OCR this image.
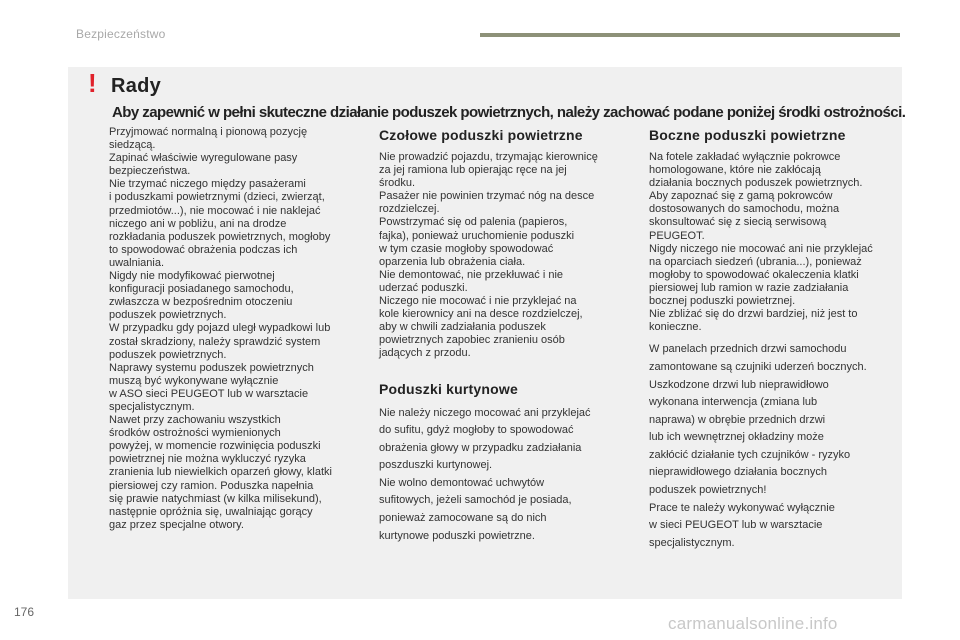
Bezpieczeństwo
! Rady
Aby zapewnić w pełni skuteczne działanie poduszek powietrznych, należy zachować podane poniżej środki ostrożności.

Przyjmować normalną i pionową pozycję
siedzącą.
Zapinać właściwie wyregulowane pasy
bezpieczeństwa.
Nie trzymać niczego między pasażerami
i poduszkami powietrznymi (dzieci, zwierząt,
przedmiotów...), nie mocować i nie naklejać
niczego ani w pobliżu, ani na drodze
rozkładania poduszek powietrznych, mogłoby
to spowodować obrażenia podczas ich
uwalniania.
Nigdy nie modyfikować pierwotnej
konfiguracji posiadanego samochodu,
zwłaszcza w bezpośrednim otoczeniu
poduszek powietrznych.
W przypadku gdy pojazd uległ wypadkowi lub
został skradziony, należy sprawdzić system
poduszek powietrznych.
Naprawy systemu poduszek powietrznych
muszą być wykonywane wyłącznie
w ASO sieci PEUGEOT lub w warsztacie
specjalistycznym.
Nawet przy zachowaniu wszystkich
środków ostrożności wymienionych
powyżej, w momencie rozwinięcia poduszki
powietrznej nie można wykluczyć ryzyka
zranienia lub niewielkich oparzeń głowy, klatki
piersiowej czy ramion. Poduszka napełnia
się prawie natychmiast (w kilka milisekund),
następnie opróżnia się, uwalniając gorący
gaz przez specjalne otwory.

Czołowe poduszki powietrzne

Nie prowadzić pojazdu, trzymając kierownicę
za jej ramiona lub opierając ręce na jej
środku.
Pasażer nie powinien trzymać nóg na desce
rozdzielczej.
Powstrzymać się od palenia (papieros,
fajka), ponieważ uruchomienie poduszki
w tym czasie mogłoby spowodować
oparzenia lub obrażenia ciała.
Nie demontować, nie przekłuwać i nie
uderzać poduszki.
Niczego nie mocować i nie przyklejać na
kole kierownicy ani na desce rozdzielczej,
aby w chwili zadziałania poduszek
powietrznych zapobiec zranieniu osób
jadących z przodu.

Poduszki kurtynowe

Nie należy niczego mocować ani przyklejać
do sufitu, gdyż mogłoby to spowodować
obrażenia głowy w przypadku zadziałania
poszduszki kurtynowej.
Nie wolno demontować uchwytów
sufitowych, jeżeli samochód je posiada,
ponieważ zamocowane są do nich
kurtynowe poduszki powietrzne.

Boczne poduszki powietrzne

Na fotele zakładać wyłącznie pokrowce
homologowane, które nie zakłócają
działania bocznych poduszek powietrznych.
Aby zapoznać się z gamą pokrowców
dostosowanych do samochodu, można
skonsultować się z siecią serwisową
PEUGEOT.
Nigdy niczego nie mocować ani nie przyklejać
na oparciach siedzeń (ubrania...), ponieważ
mogłoby to spowodować okaleczenia klatki
piersiowej lub ramion w razie zadziałania
bocznej poduszki powietrznej.
Nie zbliżać się do drzwi bardziej, niż jest to
konieczne.

W panelach przednich drzwi samochodu
zamontowane są czujniki uderzeń bocznych.
Uszkodzone drzwi lub nieprawidłowo
wykonana interwencja (zmiana lub
naprawa) w obrębie przednich drzwi
lub ich wewnętrznej okładziny może
zakłócić działanie tych czujników - ryzyko
nieprawidłowego działania bocznych
poduszek powietrznych!
Prace te należy wykonywać wyłącznie
w sieci PEUGEOT lub w warsztacie
specjalistycznym.

176
carmanualsonline.info
